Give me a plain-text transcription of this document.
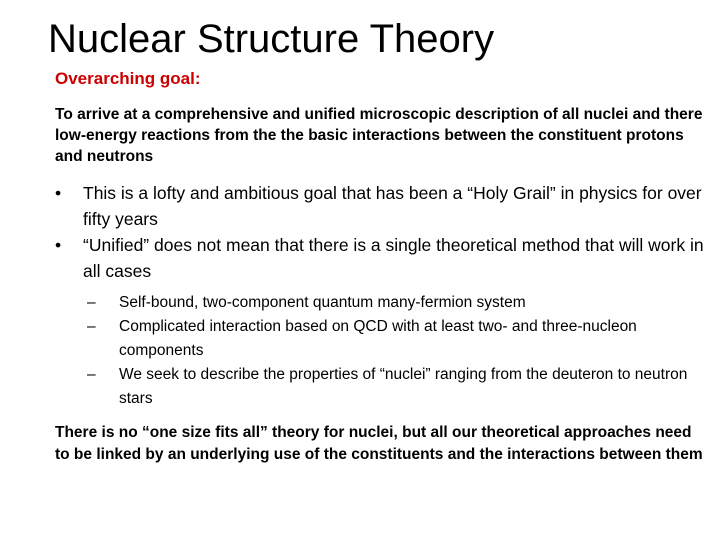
Nuclear Structure Theory

Overarching goal:

To arrive at a comprehensive and unified microscopic description of all nuclei and there low-energy reactions from the the basic interactions between the constituent protons and neutrons

•	This is a lofty and ambitious goal that has been a “Holy Grail” in physics for over fifty years
•	“Unified” does not mean that there is a single theoretical method that will work in all cases
–	Self-bound, two-component quantum many-fermion system
–	Complicated interaction based on QCD with at least two- and three-nucleon components
–	We seek to describe the properties of “nuclei” ranging from the deuteron to neutron stars

There is no “one size fits all” theory for nuclei, but all our theoretical approaches need to be linked by an underlying use of the constituents and the interactions between them
